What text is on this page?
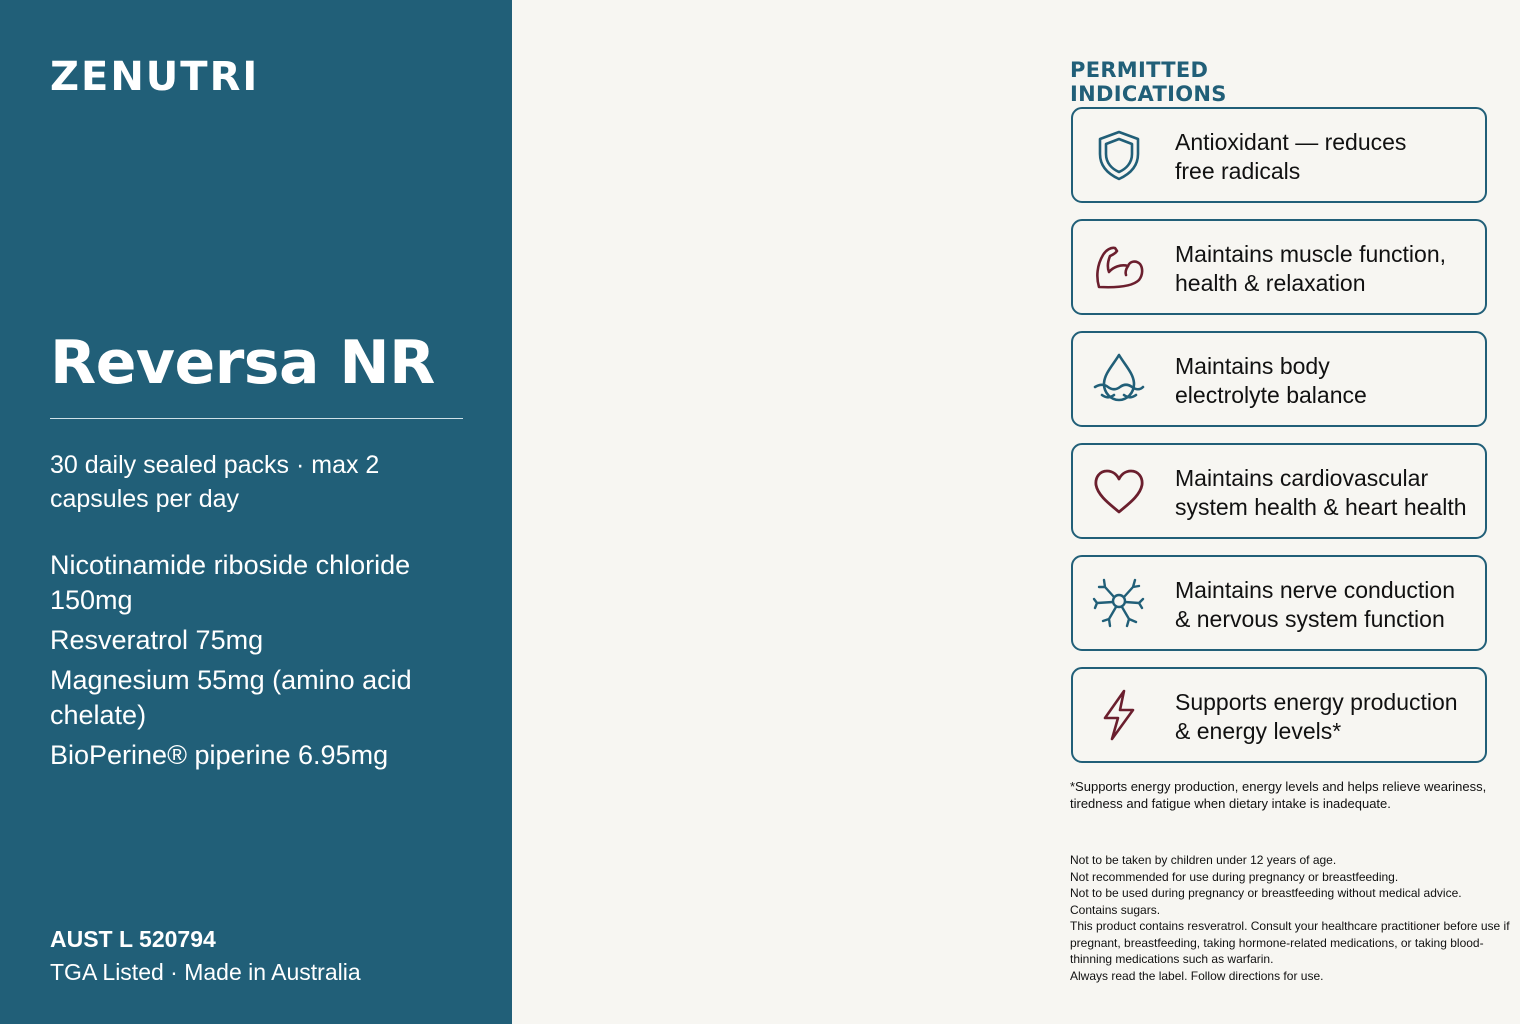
ZENUTRI
Reversa NR
30 daily sealed packs · max 2 capsules per day
Nicotinamide riboside chloride 150mg
Resveratrol 75mg
Magnesium 55mg (amino acid chelate)
BioPerine® piperine 6.95mg
AUST L 520794
TGA Listed · Made in Australia
PERMITTED INDICATIONS
Antioxidant — reduces
free radicals
Maintains muscle function,
health & relaxation
Maintains body
electrolyte balance
Maintains cardiovascular
system health & heart health
Maintains nerve conduction
& nervous system function
Supports energy production
& energy levels*
*Supports energy production, energy levels and helps relieve weariness, tiredness and fatigue when dietary intake is inadequate.
Not to be taken by children under 12 years of age.
Not recommended for use during pregnancy or breastfeeding.
Not to be used during pregnancy or breastfeeding without medical advice.
Contains sugars.
This product contains resveratrol. Consult your healthcare practitioner before use if pregnant, breastfeeding, taking hormone-related medications, or taking blood-thinning medications such as warfarin.
Always read the label. Follow directions for use.
